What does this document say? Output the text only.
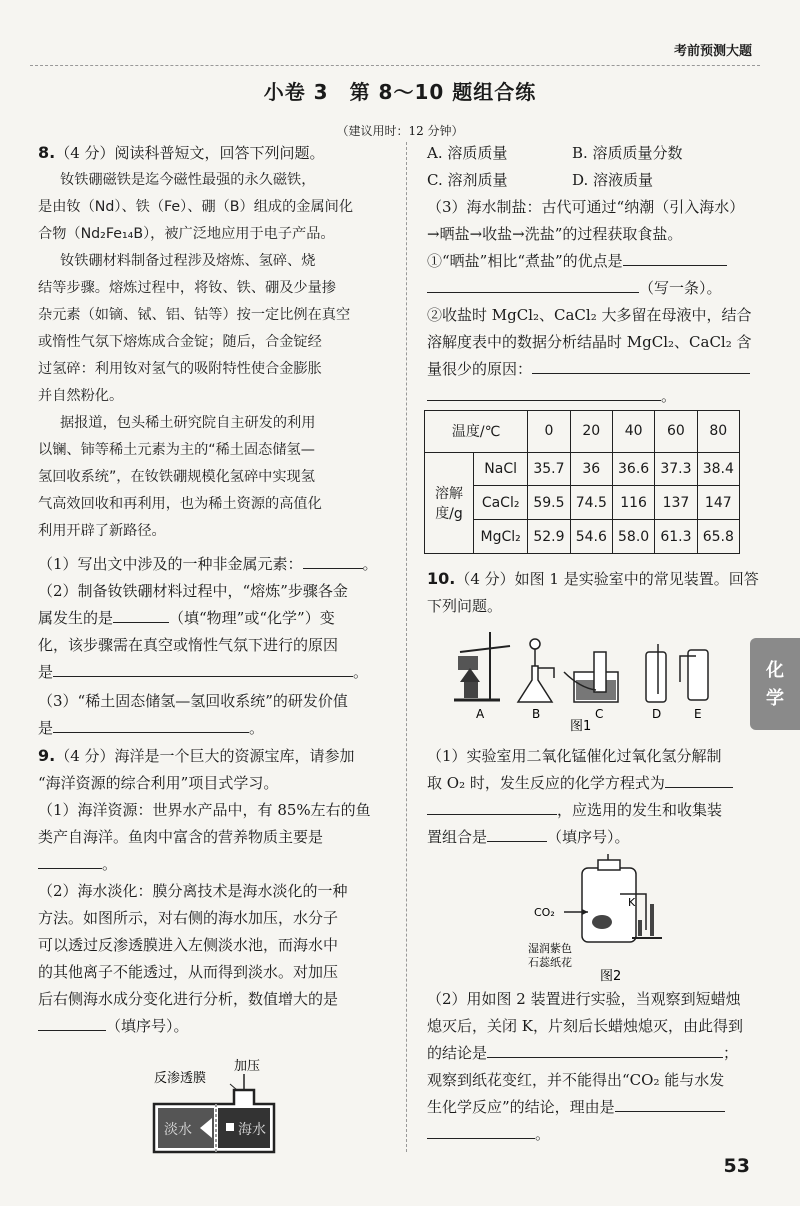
考前预测大题
小卷 3　第 8～10 题组合练
（建议用时：12 分钟）
8.（4 分）阅读科普短文，回答下列问题。
钕铁硼磁铁是迄今磁性最强的永久磁铁，
是由钕（Nd）、铁（Fe）、硼（B）组成的金属间化
合物（Nd₂Fe₁₄B），被广泛地应用于电子产品。
钕铁硼材料制备过程涉及熔炼、氢碎、烧
结等步骤。熔炼过程中，将钕、铁、硼及少量掺
杂元素（如镝、铽、铝、钴等）按一定比例在真空
或惰性气氛下熔炼成合金锭；随后，合金锭经
过氢碎：利用钕对氢气的吸附特性使合金膨胀
并自然粉化。
据报道，包头稀土研究院自主研发的利用
以镧、铈等稀土元素为主的“稀土固态储氢—
氢回收系统”，在钕铁硼规模化氢碎中实现氢
气高效回收和再利用，也为稀土资源的高值化
利用开辟了新路径。
（1）写出文中涉及的一种非金属元素：	。
（2）制备钕铁硼材料过程中，“熔炼”步骤各金
属发生的是	（填“物理”或“化学”）变
化，该步骤需在真空或惰性气氛下进行的原因
是	。
（3）“稀土固态储氢—氢回收系统”的研发价值
是	。
9.（4 分）海洋是一个巨大的资源宝库，请参加
“海洋资源的综合利用”项目式学习。
（1）海洋资源：世界水产品中，有 85%左右的鱼
类产自海洋。鱼肉中富含的营养物质主要是
。
（2）海水淡化：膜分离技术是海水淡化的一种
方法。如图所示，对右侧的海水加压，水分子
可以透过反渗透膜进入左侧淡水池，而海水中
的其他离子不能透过，从而得到淡水。对加压
后右侧海水成分变化进行分析，数值增大的是
（填序号）。
加压
反渗透膜
淡水	海水
A. 溶质质量	B. 溶质质量分数
C. 溶剂质量	D. 溶液质量
（3）海水制盐：古代可通过“纳潮（引入海水）
→晒盐→收盐→洗盐”的过程获取食盐。
①“晒盐”相比“煮盐”的优点是
（写一条）。
②收盐时 MgCl₂、CaCl₂ 大多留在母液中，结合
溶解度表中的数据分析结晶时 MgCl₂、CaCl₂ 含
量很少的原因：
。
温度/℃		0	20	40	60	80
溶解度/g	NaCl	35.7	36	36.6	37.3	38.4
	CaCl₂	59.5	74.5	116	137	147
	MgCl₂	52.9	54.6	58.0	61.3	65.8
10.（4 分）如图 1 是实验室中的常见装置。回答
下列问题。
A	B	C	D	E
图1
（1）实验室用二氧化锰催化过氧化氢分解制
取 O₂ 时，发生反应的化学方程式为
，应选用的发生和收集装
置组合是	（填序号）。
CO₂
K
湿润紫色
石蕊纸花
图2
（2）用如图 2 装置进行实验，当观察到短蜡烛
熄灭后，关闭 K，片刻后长蜡烛熄灭，由此得到
的结论是	；
观察到纸花变红，并不能得出“CO₂ 能与水发
生化学反应”的结论，理由是
。
化
学
53
